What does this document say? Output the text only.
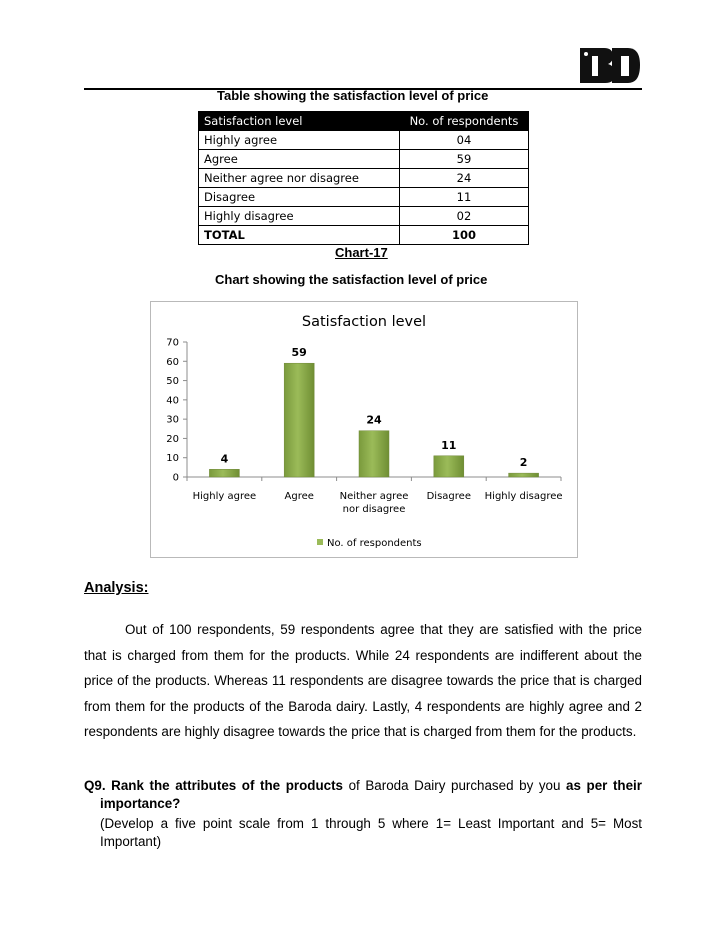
BD
Table showing the satisfaction level of price
Satisfaction level	No. of respondents
Highly agree	04
Agree	59
Neither agree nor disagree	24
Disagree	11
Highly disagree	02
TOTAL	100
Chart-17
Chart showing the satisfaction level of price
Satisfaction level
0
10
20
30
40
50
60
70
4
Highly agree
59
Agree
24
Neither agree
nor disagree
11
Disagree
2
Highly disagree
No. of respondents
Analysis:

Out of 100 respondents, 59 respondents agree that they are satisfied with the price that is charged from them for the products. While 24 respondents are indifferent about the price of the products. Whereas 11 respondents are disagree towards the price that is charged from them for the products of the Baroda dairy. Lastly, 4 respondents are highly agree and 2 respondents are highly disagree towards the price that is charged from them for the products.

Q9. Rank the attributes of the products of Baroda Dairy purchased by you as per their importance?

(Develop a five point scale from 1 through 5 where 1= Least Important and 5= Most Important)
